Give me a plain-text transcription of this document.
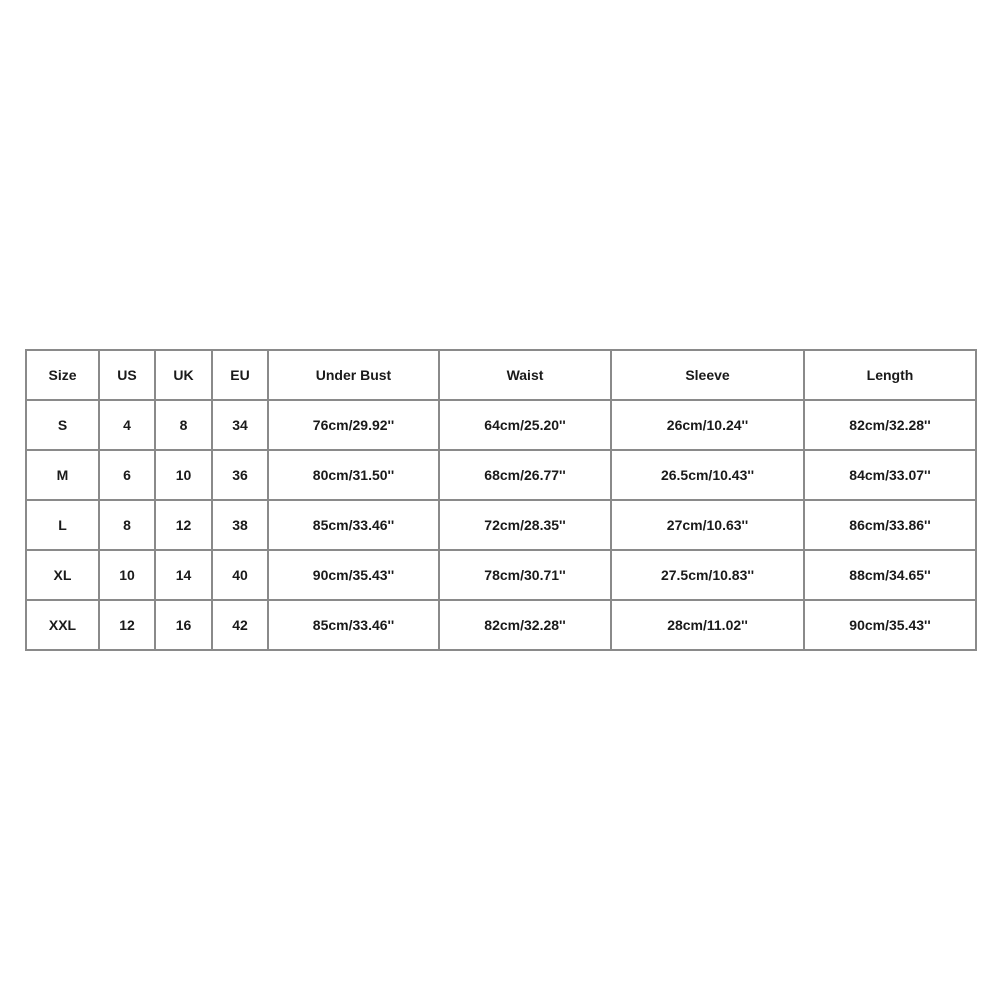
Size	US	UK	EU	Under Bust	Waist	Sleeve	Length
S	4	8	34	76cm/29.92''	64cm/25.20''	26cm/10.24''	82cm/32.28''
M	6	10	36	80cm/31.50''	68cm/26.77''	26.5cm/10.43''	84cm/33.07''
L	8	12	38	85cm/33.46''	72cm/28.35''	27cm/10.63''	86cm/33.86''
XL	10	14	40	90cm/35.43''	78cm/30.71''	27.5cm/10.83''	88cm/34.65''
XXL	12	16	42	85cm/33.46''	82cm/32.28''	28cm/11.02''	90cm/35.43''
